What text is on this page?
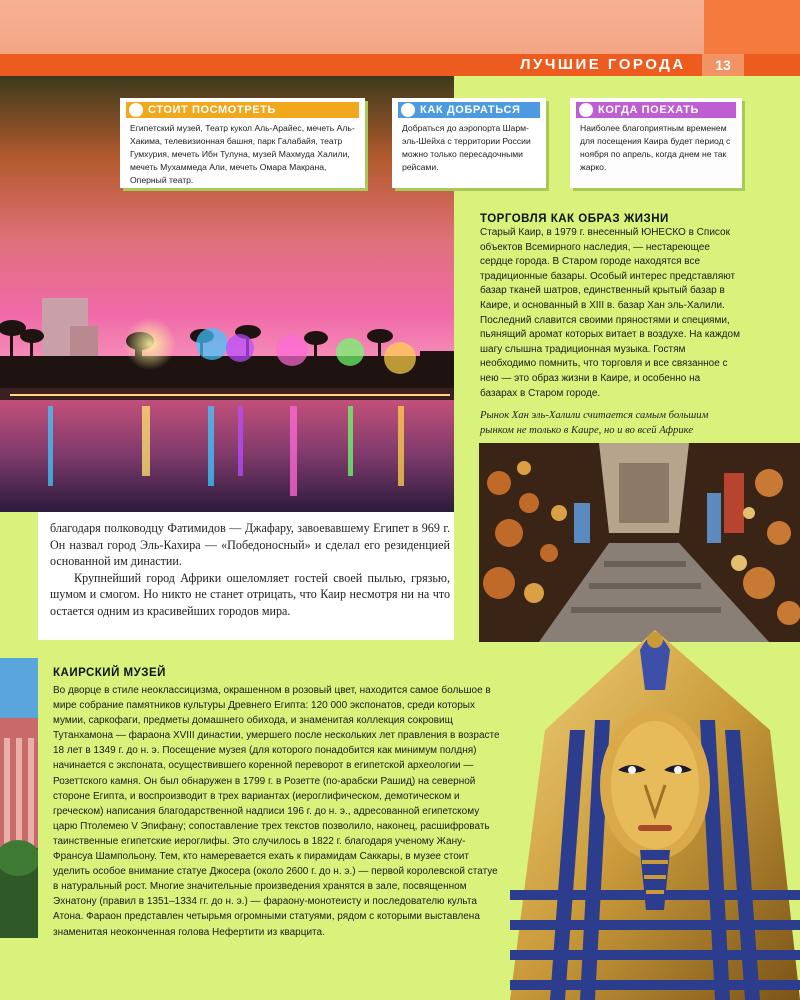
ЛУЧШИЕ ГОРОДА	13
СТОИТ ПОСМОТРЕТЬ
Египетский музей, Театр кукол Аль-Арайес, мечеть Аль-Хакима, телевизионная башня, парк Галабайя, театр Гумхурия, мечеть Ибн Тулуна, музей Махмуда Халили, мечеть Мухаммеда Али, мечеть Омара Макрана, Оперный театр.
КАК ДОБРАТЬСЯ
Добраться до аэропорта Шарм-эль-Шейха с территории России можно только пересадочными рейсами.
КОГДА ПОЕХАТЬ
Наиболее благоприятным временем для посещения Каира будет период с ноября по апрель, когда днем не так жарко.
ТОРГОВЛЯ КАК ОБРАЗ ЖИЗНИ
Старый Каир, в 1979 г. внесенный ЮНЕСКО в Список объектов Всемирного наследия, — нестареющее сердце города. В Старом городе находятся все традиционные базары. Особый интерес представляют базар тканей шатров, единственный крытый базар в Каире, и основанный в XIII в. базар Хан эль-Халили. Последний славится своими пряностями и специями, пьянящий аромат которых витает в воздухе. На каждом шагу слышна традиционная музыка. Гостям необходимо помнить, что торговля и все связанное с нею — это образ жизни в Каире, и особенно на базарах в Старом городе.
Рынок Хан эль-Халили считается самым большим рынком не только в Каире, но и во всей Африке
благодаря полководцу Фатимидов — Джафару, завоевавшему Египет в 969 г. Он назвал город Эль-Кахира — «Победоносный» и сделал его резиденцией основанной им династии.
Крупнейший город Африки ошеломляет гостей своей пылью, грязью, шумом и смогом. Но никто не станет отрицать, что Каир несмотря ни на что остается одним из красивейших городов мира.
КАИРСКИЙ МУЗЕЙ
Во дворце в стиле неоклассицизма, окрашенном в розовый цвет, находится самое большое в мире собрание памятников культуры Древнего Египта: 120 000 экспонатов, среди которых мумии, саркофаги, предметы домашнего обихода, и знаменитая коллекция сокровищ Тутанхамона — фараона XVIII династии, умершего после нескольких лет правления в возрасте 18 лет в 1349 г. до н. э. Посещение музея (для которого понадобится как минимум полдня) начинается с экспоната, осуществившего коренной переворот в египетской археологии — Розеттского камня. Он был обнаружен в 1799 г. в Розетте (по-арабски Рашид) на северной стороне Египта, и воспроизводит в трех вариантах (иероглифическом, демотическом и греческом) написания благодарственной надписи 196 г. до н. э., адресованной египетскому царю Птолемею V Эпифану; сопоставление трех текстов позволило, наконец, расшифровать таинственные египетские иероглифы. Это случилось в 1822 г. благодаря ученому Жану-Франсуа Шампольону. Тем, кто намеревается ехать к пирамидам Саккары, в музее стоит уделить особое внимание статуе Джосера (около 2600 г. до н. э.) — первой королевской статуе в натуральный рост. Многие значительные произведения хранятся в зале, посвященном Эхнатону (правил в 1351–1334 гг. до н. э.) — фараону-монотеисту и последователю культа Атона. Фараон представлен четырьмя огромными статуями, рядом с которыми выставлена знаменитая неоконченная голова Нефертити из кварцита.
